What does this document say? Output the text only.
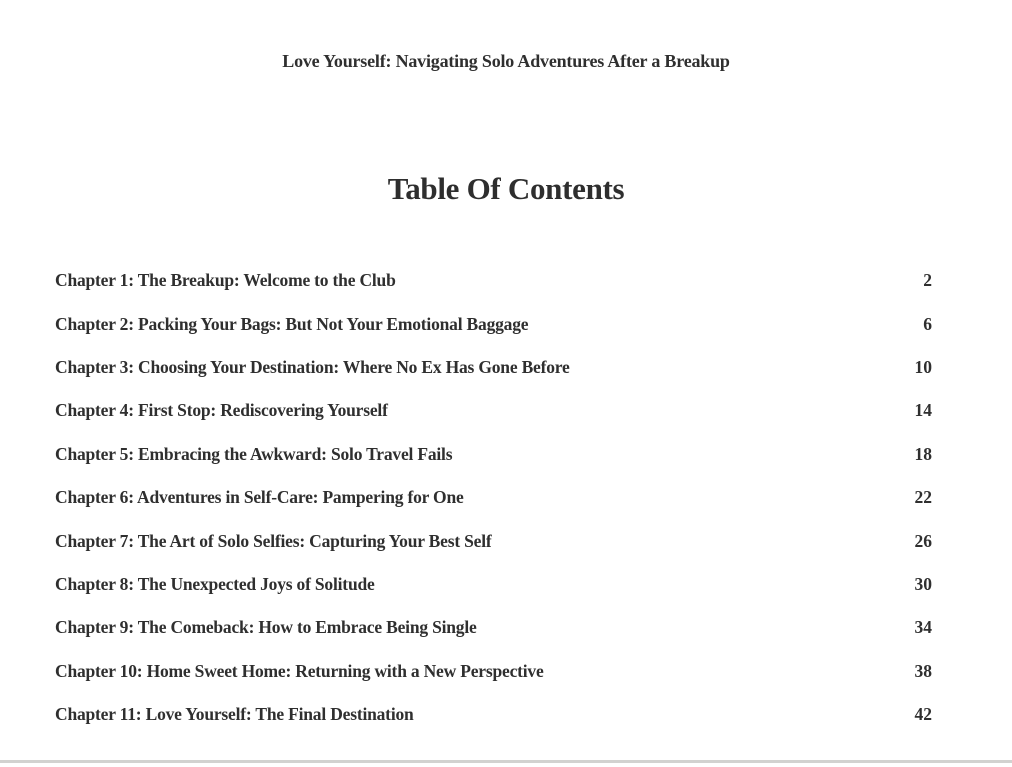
Love Yourself: Navigating Solo Adventures After a Breakup
Table Of Contents
Chapter 1: The Breakup: Welcome to the Club	2
Chapter 2: Packing Your Bags: But Not Your Emotional Baggage	6
Chapter 3: Choosing Your Destination: Where No Ex Has Gone Before	10
Chapter 4: First Stop: Rediscovering Yourself	14
Chapter 5: Embracing the Awkward: Solo Travel Fails	18
Chapter 6: Adventures in Self-Care: Pampering for One	22
Chapter 7: The Art of Solo Selfies: Capturing Your Best Self	26
Chapter 8: The Unexpected Joys of Solitude	30
Chapter 9: The Comeback: How to Embrace Being Single	34
Chapter 10: Home Sweet Home: Returning with a New Perspective	38
Chapter 11: Love Yourself: The Final Destination	42
